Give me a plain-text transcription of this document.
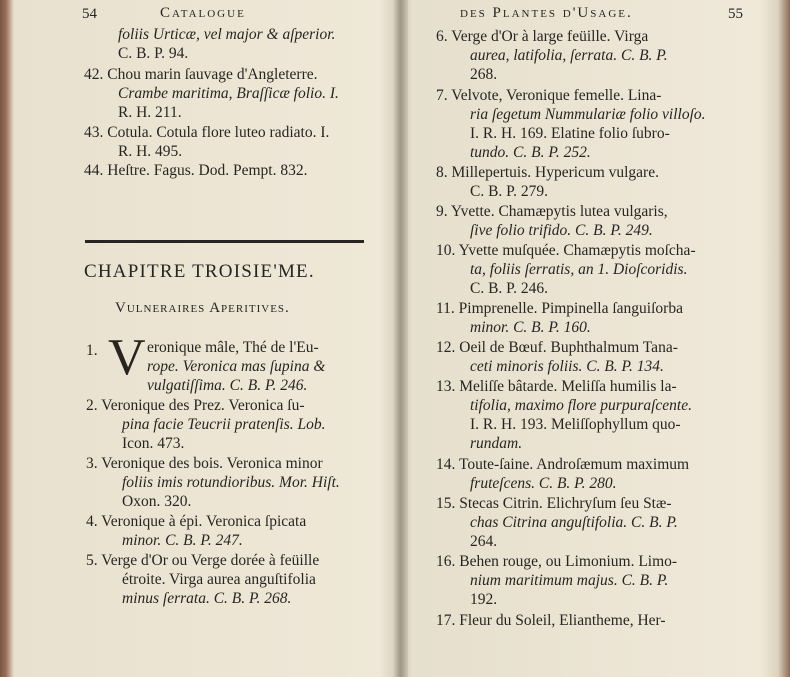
54	Catalogue
foliis Urticæ, vel major & aſperior.
C. B. P. 94.
42. Chou marin ſauvage d'Angleterre.
Crambe maritima, Braſſicæ folio. I.
R. H. 211.
43. Cotula. Cotula flore luteo radiato. I.
R. H. 495.
44. Heſtre. Fagus. Dod. Pempt. 832.
CHAPITRE TROISIE'ME.
Vulneraires Aperitives.
V
1.	eronique mâle, Thé de l'Eu-
rope. Veronica mas ſupina &
vulgatiſſima. C. B. P. 246.
2. Veronique des Prez. Veronica ſu-
pina facie Teucrii pratenſis. Lob.
Icon. 473.
3. Veronique des bois. Veronica minor
foliis imis rotundioribus. Mor. Hiſt.
Oxon. 320.
4. Veronique à épi. Veronica ſpicata
minor. C. B. P. 247.
5. Verge d'Or ou Verge dorée à feüille
étroite. Virga aurea anguſtifolia
minus ſerrata. C. B. P. 268.
des Plantes d'Usage.	55
6. Verge d'Or à large feüille. Virga
aurea, latifolia, ſerrata. C. B. P.
268.
7. Velvote, Veronique femelle. Lina-
ria ſegetum Nummulariæ folio villoſo.
I. R. H. 169. Elatine folio ſubro-
tundo. C. B. P. 252.
8. Millepertuis. Hypericum vulgare.
C. B. P. 279.
9. Yvette. Chamæpytis lutea vulgaris,
ſive folio trifido. C. B. P. 249.
10. Yvette muſquée. Chamæpytis moſcha-
ta, foliis ſerratis, an 1. Dioſcoridis.
C. B. P. 246.
11. Pimprenelle. Pimpinella ſanguiſorba
minor. C. B. P. 160.
12. Oeil de Bœuf. Buphthalmum Tana-
ceti minoris foliis. C. B. P. 134.
13. Meliſſe bâtarde. Meliſſa humilis la-
tifolia, maximo flore purpuraſcente.
I. R. H. 193. Meliſſophyllum quo-
rundam.
14. Toute-ſaine. Androſæmum maximum
fruteſcens. C. B. P. 280.
15. Stecas Citrin. Elichryſum ſeu Stæ-
chas Citrina anguſtifolia. C. B. P.
264.
16. Behen rouge, ou Limonium. Limo-
nium maritimum majus. C. B. P.
192.
17. Fleur du Soleil, Eliantheme, Her-
